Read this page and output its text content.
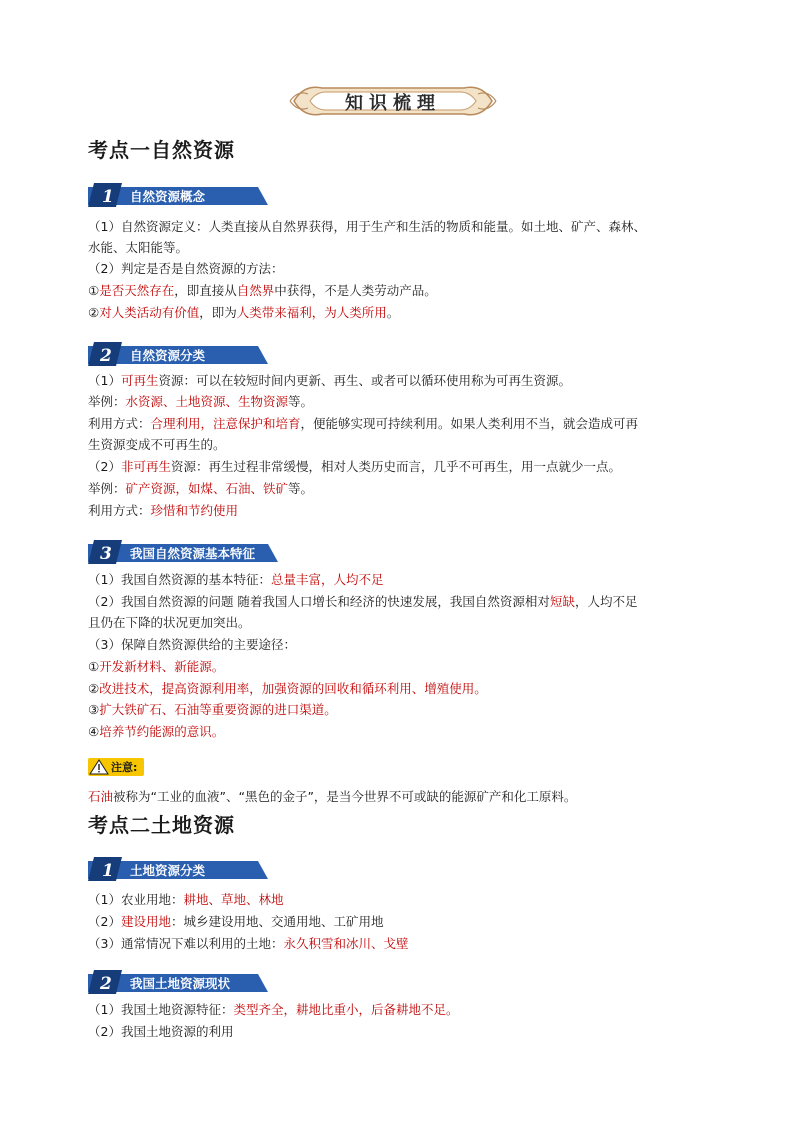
知识梳理
考点一自然资源
1 自然资源概念
（1）自然资源定义：人类直接从自然界获得，用于生产和生活的物质和能量。如土地、矿产、森林、
水能、太阳能等。
（2）判定是否是自然资源的方法：
①是否天然存在，即直接从自然界中获得，不是人类劳动产品。
②对人类活动有价值，即为人类带来福利，为人类所用。
2 自然资源分类
（1）可再生资源：可以在较短时间内更新、再生、或者可以循环使用称为可再生资源。
举例：水资源、土地资源、生物资源等。
利用方式：合理利用，注意保护和培育，便能够实现可持续利用。如果人类利用不当，就会造成可再
生资源变成不可再生的。
（2）非可再生资源：再生过程非常缓慢，相对人类历史而言，几乎不可再生，用一点就少一点。
举例：矿产资源，如煤、石油、铁矿等。
利用方式：珍惜和节约使用
3 我国自然资源基本特征
（1）我国自然资源的基本特征：总量丰富，人均不足
（2）我国自然资源的问题 随着我国人口增长和经济的快速发展，我国自然资源相对短缺，人均不足
且仍在下降的状况更加突出。
（3）保障自然资源供给的主要途径：
①开发新材料、新能源。
②改进技术，提高资源利用率，加强资源的回收和循环利用、增殖使用。
③扩大铁矿石、石油等重要资源的进口渠道。
④培养节约能源的意识。
注意:
石油被称为“工业的血液”、“黑色的金子”，是当今世界不可或缺的能源矿产和化工原料。
考点二土地资源
1 土地资源分类
（1）农业用地：耕地、草地、林地
（2）建设用地：城乡建设用地、交通用地、工矿用地
（3）通常情况下难以利用的土地：永久积雪和冰川、戈壁
2 我国土地资源现状
（1）我国土地资源特征：类型齐全，耕地比重小，后备耕地不足。
（2）我国土地资源的利用
